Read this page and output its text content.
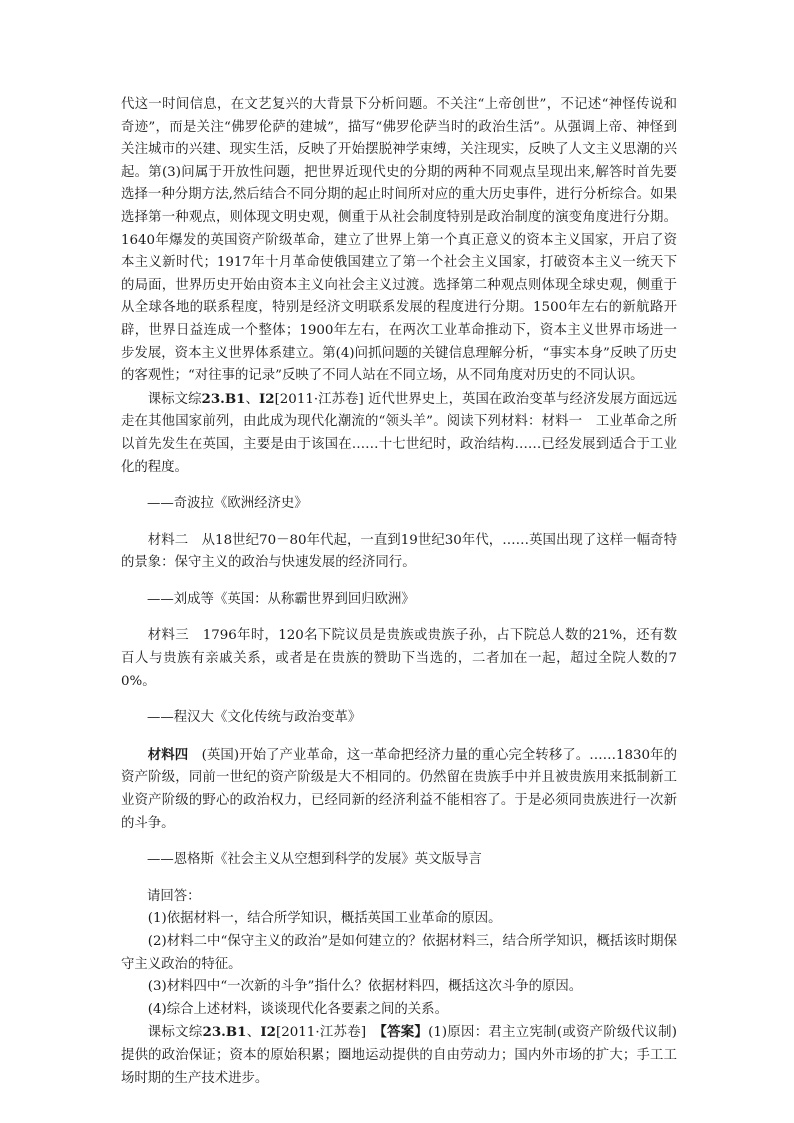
代这一时间信息，在文艺复兴的大背景下分析问题。不关注“上帝创世”，不记述“神怪传说和奇迹”，而是关注“佛罗伦萨的建城”，描写“佛罗伦萨当时的政治生活”。从强调上帝、神怪到关注城市的兴建、现实生活，反映了开始摆脱神学束缚，关注现实，反映了人文主义思潮的兴起。第(3)问属于开放性问题，把世界近现代史的分期的两种不同观点呈现出来,解答时首先要选择一种分期方法,然后结合不同分期的起止时间所对应的重大历史事件，进行分析综合。如果选择第一种观点，则体现文明史观，侧重于从社会制度特别是政治制度的演变角度进行分期。1640年爆发的英国资产阶级革命，建立了世界上第一个真正意义的资本主义国家，开启了资本主义新时代；1917年十月革命使俄国建立了第一个社会主义国家，打破资本主义一统天下的局面，世界历史开始由资本主义向社会主义过渡。选择第二种观点则体现全球史观，侧重于从全球各地的联系程度，特别是经济文明联系发展的程度进行分期。1500年左右的新航路开辟，世界日益连成一个整体；1900年左右，在两次工业革命推动下，资本主义世界市场进一步发展，资本主义世界体系建立。第(4)问抓问题的关键信息理解分析，“事实本身”反映了历史的客观性；“对往事的记录”反映了不同人站在不同立场，从不同角度对历史的不同认识。

课标文综23.B1、I2[2011·江苏卷] 近代世界史上，英国在政治变革与经济发展方面远远走在其他国家前列，由此成为现代化潮流的“领头羊”。阅读下列材料：材料一　工业革命之所以首先发生在英国，主要是由于该国在……十七世纪时，政治结构……已经发展到适合于工业化的程度。

——奇波拉《欧洲经济史》

材料二　从18世纪70－80年代起，一直到19世纪30年代，……英国出现了这样一幅奇特的景象：保守主义的政治与快速发展的经济同行。

——刘成等《英国：从称霸世界到回归欧洲》

材料三　1796年时，120名下院议员是贵族或贵族子孙，占下院总人数的21%，还有数百人与贵族有亲戚关系，或者是在贵族的赞助下当选的，二者加在一起，超过全院人数的70%。

——程汉大《文化传统与政治变革》

材料四　(英国)开始了产业革命，这一革命把经济力量的重心完全转移了。……1830年的资产阶级，同前一世纪的资产阶级是大不相同的。仍然留在贵族手中并且被贵族用来抵制新工业资产阶级的野心的政治权力，已经同新的经济利益不能相容了。于是必须同贵族进行一次新的斗争。

——恩格斯《社会主义从空想到科学的发展》英文版导言

请回答：

(1)依据材料一，结合所学知识，概括英国工业革命的原因。

(2)材料二中“保守主义的政治”是如何建立的？依据材料三，结合所学知识，概括该时期保守主义政治的特征。

(3)材料四中“一次新的斗争”指什么？依据材料四，概括这次斗争的原因。

(4)综合上述材料，谈谈现代化各要素之间的关系。

课标文综23.B1、I2[2011·江苏卷]　 【答案】(1)原因：君主立宪制(或资产阶级代议制)提供的政治保证；资本的原始积累；圈地运动提供的自由劳动力；国内外市场的扩大；手工工场时期的生产技术进步。
